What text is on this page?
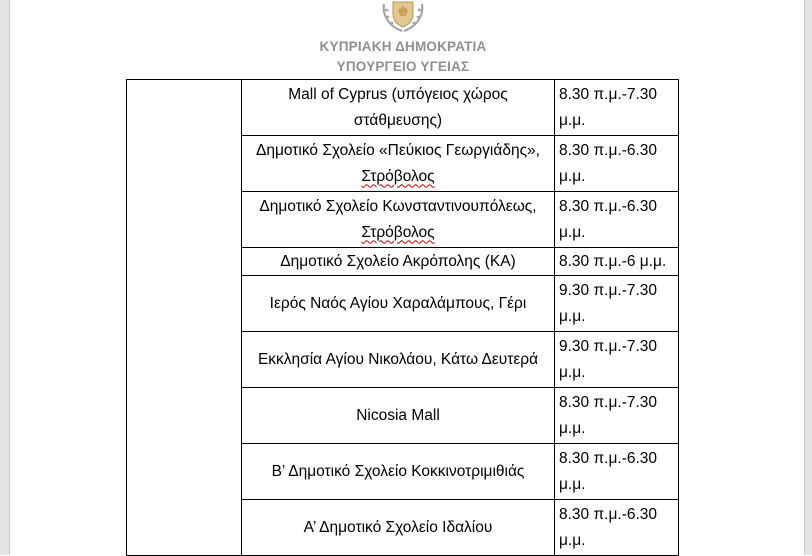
ΚΥΠΡΙΑΚΗ ΔΗΜΟΚΡΑΤΙΑ
ΥΠΟΥΡΓΕΙΟ ΥΓΕΙΑΣ
	Mall of Cyprus (υπόγειος χώρος
στάθμευσης)	8.30 π.μ.-7.30
μ.μ.
	Δημοτικό Σχολείο «Πεύκιος Γεωργιάδης»,
Στρόβολος	8.30 π.μ.-6.30
μ.μ.
	Δημοτικό Σχολείο Κωνσταντινουπόλεως,
Στρόβολος	8.30 π.μ.-6.30
μ.μ.
	Δημοτικό Σχολείο Ακρόπολης (ΚΑ)	8.30 π.μ.-6 μ.μ.
	Ιερός Ναός Αγίου Χαραλάμπους, Γέρι	9.30 π.μ.-7.30
μ.μ.
	Εκκλησία Αγίου Νικολάου, Κάτω Δευτερά	9.30 π.μ.-7.30
μ.μ.
	Nicosia Mall	8.30 π.μ.-7.30
μ.μ.
	Β’ Δημοτικό Σχολείο Κοκκινοτριμιθιάς	8.30 π.μ.-6.30
μ.μ.
	Α’ Δημοτικό Σχολείο Ιδαλίου	8.30 π.μ.-6.30
μ.μ.
